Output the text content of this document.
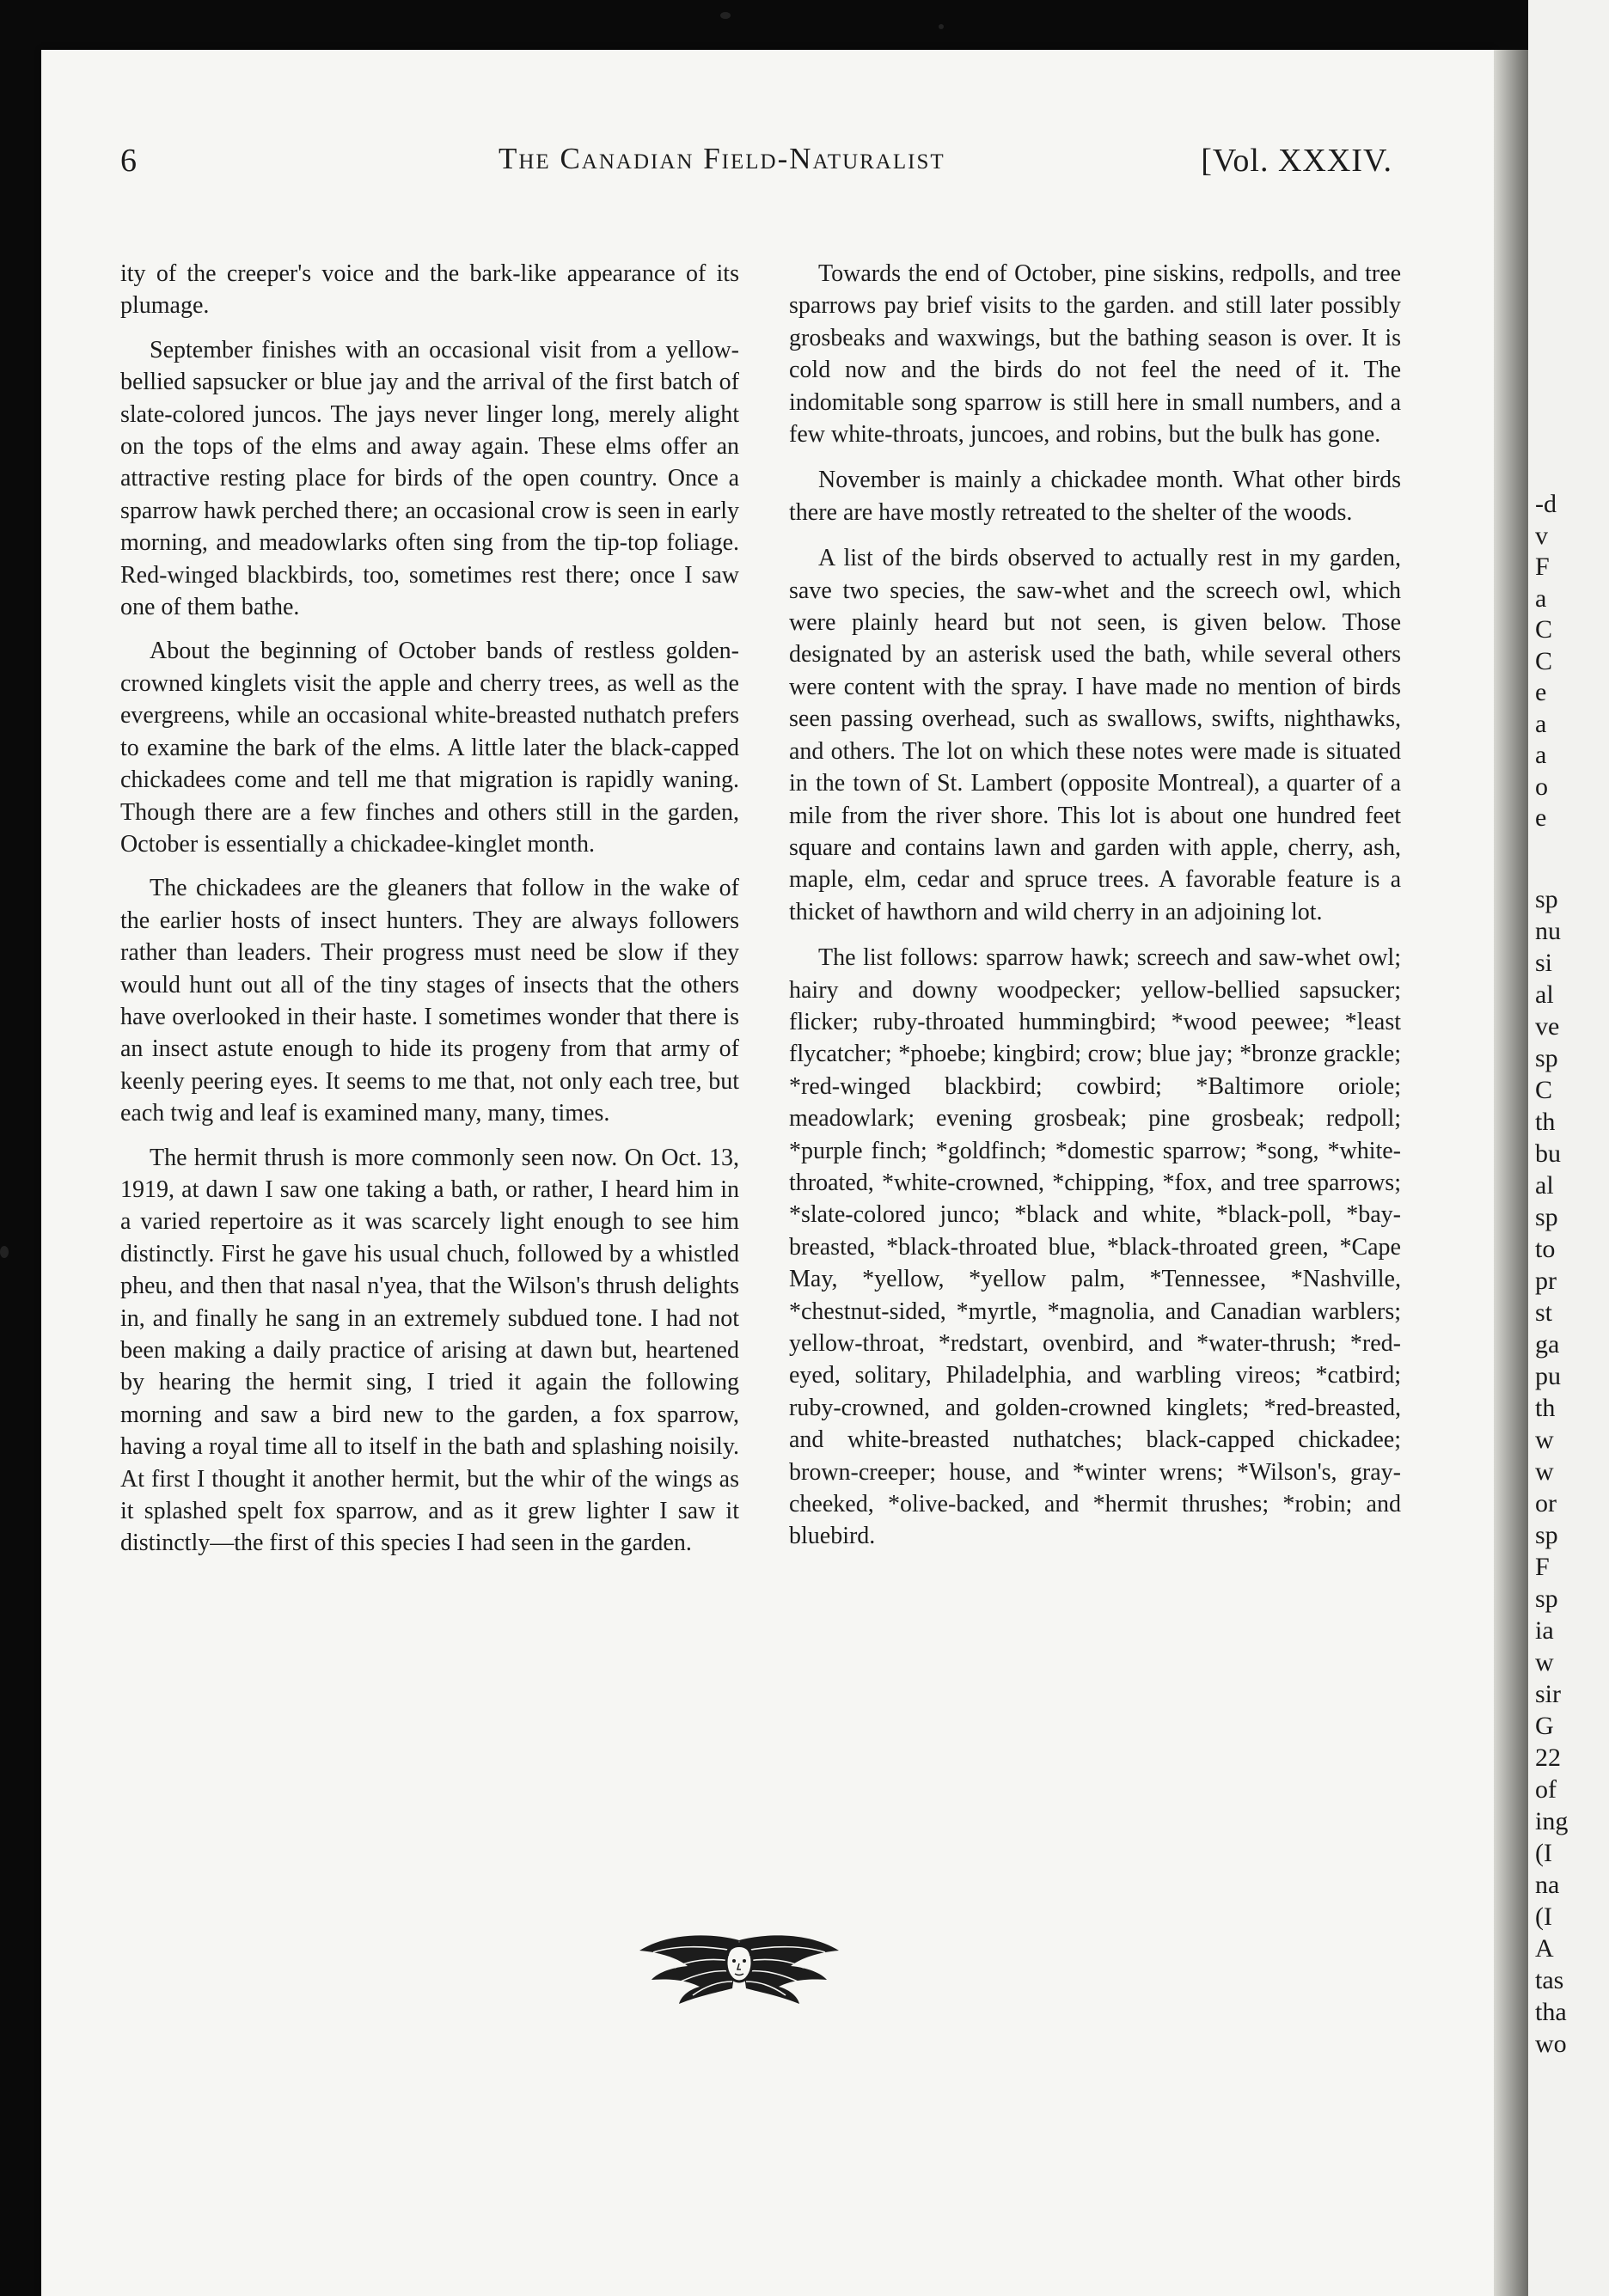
-d
v
F
a
C
C
e
a
a
o
e
sp
nu
si
al
ve
sp
C
th
bu
al
sp
to
pr
st
ga
pu
th
w
w
or
sp
F
sp
ia
w
sir
G
22
of
ing
(I
na
(I
A
tas
tha
wo
6	The Canadian Field-Naturalist	[Vol. XXXIV.

ity of the creeper's voice and the bark-like appearance of its plumage.

September finishes with an occasional visit from a yellow-bellied sapsucker or blue jay and the arrival of the first batch of slate-colored juncos. The jays never linger long, merely alight on the tops of the elms and away again. These elms offer an attractive resting place for birds of the open country. Once a sparrow hawk perched there; an occasional crow is seen in early morning, and meadowlarks often sing from the tip-top foliage. Red-winged blackbirds, too, sometimes rest there; once I saw one of them bathe.

About the beginning of October bands of restless golden-crowned kinglets visit the apple and cherry trees, as well as the evergreens, while an occasional white-breasted nuthatch prefers to examine the bark of the elms. A little later the black-capped chickadees come and tell me that migration is rapidly waning. Though there are a few finches and others still in the garden, October is essentially a chickadee-kinglet month.

The chickadees are the gleaners that follow in the wake of the earlier hosts of insect hunters. They are always followers rather than leaders. Their progress must need be slow if they would hunt out all of the tiny stages of insects that the others have overlooked in their haste. I sometimes wonder that there is an insect astute enough to hide its progeny from that army of keenly peering eyes. It seems to me that, not only each tree, but each twig and leaf is examined many, many, times.

The hermit thrush is more commonly seen now. On Oct. 13, 1919, at dawn I saw one taking a bath, or rather, I heard him in a varied repertoire as it was scarcely light enough to see him distinctly. First he gave his usual chuch, followed by a whistled pheu, and then that nasal n'yea, that the Wilson's thrush delights in, and finally he sang in an extremely subdued tone. I had not been making a daily practice of arising at dawn but, heartened by hearing the hermit sing, I tried it again the following morning and saw a bird new to the garden, a fox sparrow, having a royal time all to itself in the bath and splashing noisily. At first I thought it another hermit, but the whir of the wings as it splashed spelt fox sparrow, and as it grew lighter I saw it distinctly—the first of this species I had seen in the garden.

Towards the end of October, pine siskins, redpolls, and tree sparrows pay brief visits to the garden. and still later possibly grosbeaks and waxwings, but the bathing season is over. It is cold now and the birds do not feel the need of it. The indomitable song sparrow is still here in small numbers, and a few white-throats, juncoes, and robins, but the bulk has gone.

November is mainly a chickadee month. What other birds there are have mostly retreated to the shelter of the woods.

A list of the birds observed to actually rest in my garden, save two species, the saw-whet and the screech owl, which were plainly heard but not seen, is given below. Those designated by an asterisk used the bath, while several others were content with the spray. I have made no mention of birds seen passing overhead, such as swallows, swifts, nighthawks, and others. The lot on which these notes were made is situated in the town of St. Lambert (opposite Montreal), a quarter of a mile from the river shore. This lot is about one hundred feet square and contains lawn and garden with apple, cherry, ash, maple, elm, cedar and spruce trees. A favorable feature is a thicket of hawthorn and wild cherry in an adjoining lot.

The list follows: sparrow hawk; screech and saw-whet owl; hairy and downy woodpecker; yellow-bellied sapsucker; flicker; ruby-throated hummingbird; *wood peewee; *least flycatcher; *phoebe; kingbird; crow; blue jay; *bronze grackle; *red-winged blackbird; cowbird; *Baltimore oriole; meadowlark; evening grosbeak; pine grosbeak; redpoll; *purple finch; *goldfinch; *domestic sparrow; *song, *white-throated, *white-crowned, *chipping, *fox, and tree sparrows; *slate-colored junco; *black and white, *black-poll, *bay-breasted, *black-throated blue, *black-throated green, *Cape May, *yellow, *yellow palm, *Tennessee, *Nashville, *chestnut-sided, *myrtle, *magnolia, and Canadian warblers; yellow-throat, *redstart, ovenbird, and *water-thrush; *red-eyed, solitary, Philadelphia, and warbling vireos; *catbird; ruby-crowned, and golden-crowned kinglets; *red-breasted, and white-breasted nuthatches; black-capped chickadee; brown-creeper; house, and *winter wrens; *Wilson's, gray-cheeked, *olive-backed, and *hermit thrushes; *robin; and bluebird.
